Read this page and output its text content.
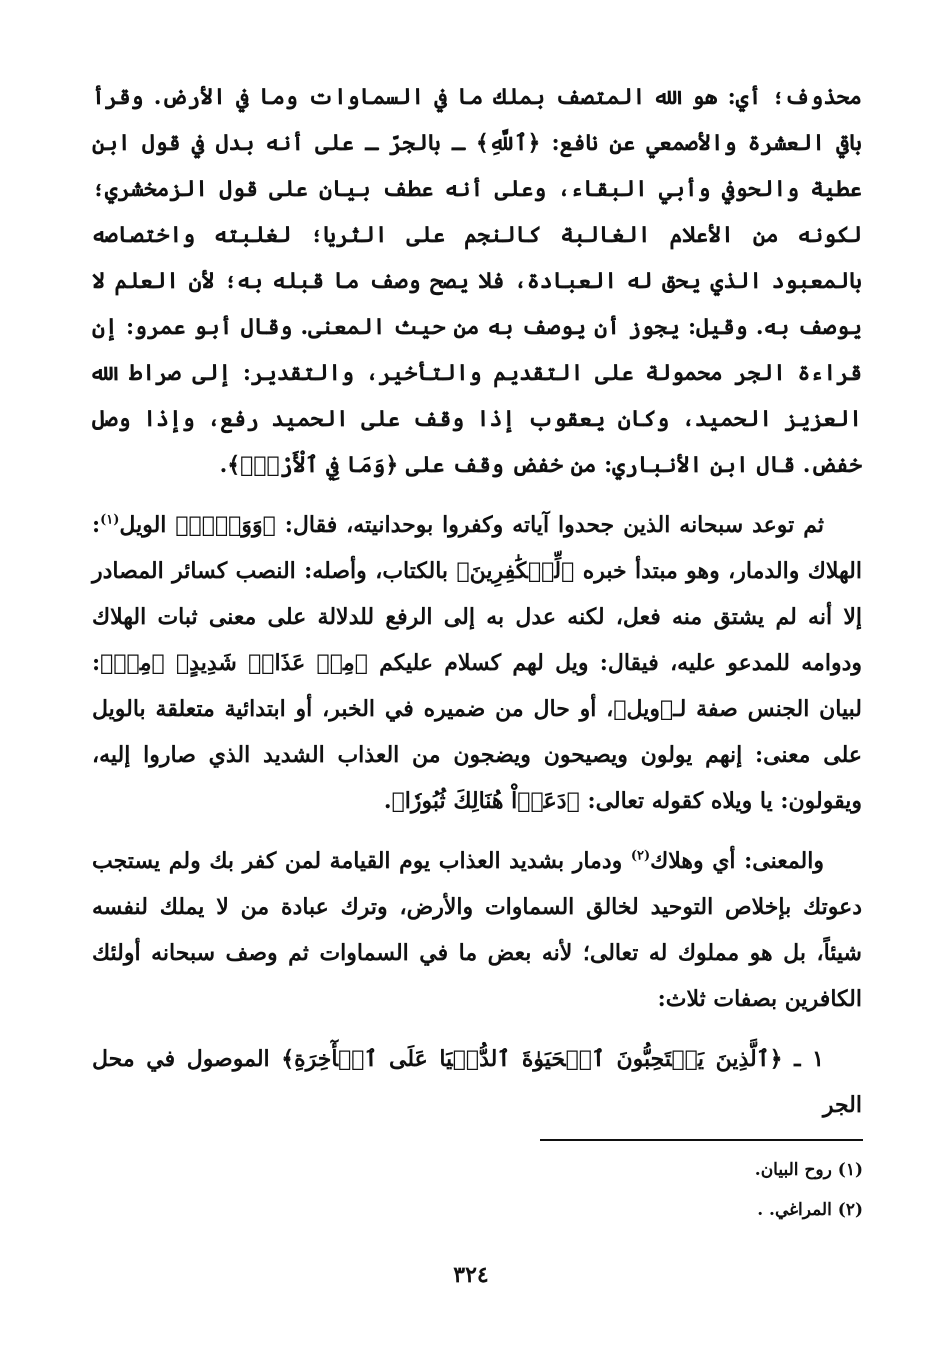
محذوف؛ أي: هو الله المتصف بملك ما في السماوات وما في الأرض. وقرأ باقي العشرة والأصمعي عن نافع: ﴿ٱللَّهِ﴾ ـ بالجرّ ـ على أنه بدل في قول ابن عطية والحوفي وأبي البقاء، وعلى أنه عطف بيان على قول الزمخشري؛ لكونه من الأعلام الغالبة كالنجم على الثريا؛ لغلبته واختصاصه بالمعبود الذي يحق له العبادة، فلا يصح وصف ما قبله به؛ لأن العلم لا يوصف به. وقيل: يجوز أن يوصف به من حيث المعنى. وقال أبو عمرو: إن قراءة الجر محمولة على التقديم والتأخير، والتقدير: إلى صراط الله العزيز الحميد، وكان يعقوب إذا وقف على الحميد رفع، وإذا وصل خفض. قال ابن الأنباري: من خفض وقف على ﴿وَمَا فِي ٱلْأَرْضِۗ﴾.

ثم توعد سبحانه الذين جحدوا آياته وكفروا بوحدانيته، فقال: ﴿وَوَيۡلٞ﴾ الويل$^{(١)}$: الهلاك والدمار، وهو مبتدأ خبره ﴿لِّلۡكَٰفِرِينَ﴾ بالكتاب، وأصله: النصب كسائر المصادر إلا أنه لم يشتق منه فعل، لكنه عدل به إلى الرفع للدلالة على معنى ثبات الهلاك ودوامه للمدعو عليه، فيقال: ويل لهم كسلام عليكم ﴿مِنۡ عَذَابٖ شَدِيدٍ﴾ ﴿مِنۡ﴾: لبيان الجنس صفة لـ﴿ويل﴾، أو حال من ضميره في الخبر، أو ابتدائية متعلقة بالويل على معنى: إنهم يولون ويصيحون ويضجون من العذاب الشديد الذي صاروا إليه، ويقولون: يا ويلاه كقوله تعالى: ﴿دَعَوۡاْ هُنَالِكَ ثُبُورٗا﴾.

والمعنى: أي وهلاك$^{(٢)}$ ودمار بشديد العذاب يوم القيامة لمن كفر بك ولم يستجب دعوتك بإخلاص التوحيد لخالق السماوات والأرض، وترك عبادة من لا يملك لنفسه شيئاً، بل هو مملوك له تعالى؛ لأنه بعض ما في السماوات ثم وصف سبحانه أولئك الكافرين بصفات ثلاث:

١ ـ ﴿ٱلَّذِينَ يَسۡتَحِبُّونَ ٱلۡحَيَوٰةَ ٱلدُّنۡيَا عَلَى ٱلۡأٓخِرَةِ﴾ الموصول في محل الجر

(١) روح البيان.
(٢) المراغي. .
٣٢٤
